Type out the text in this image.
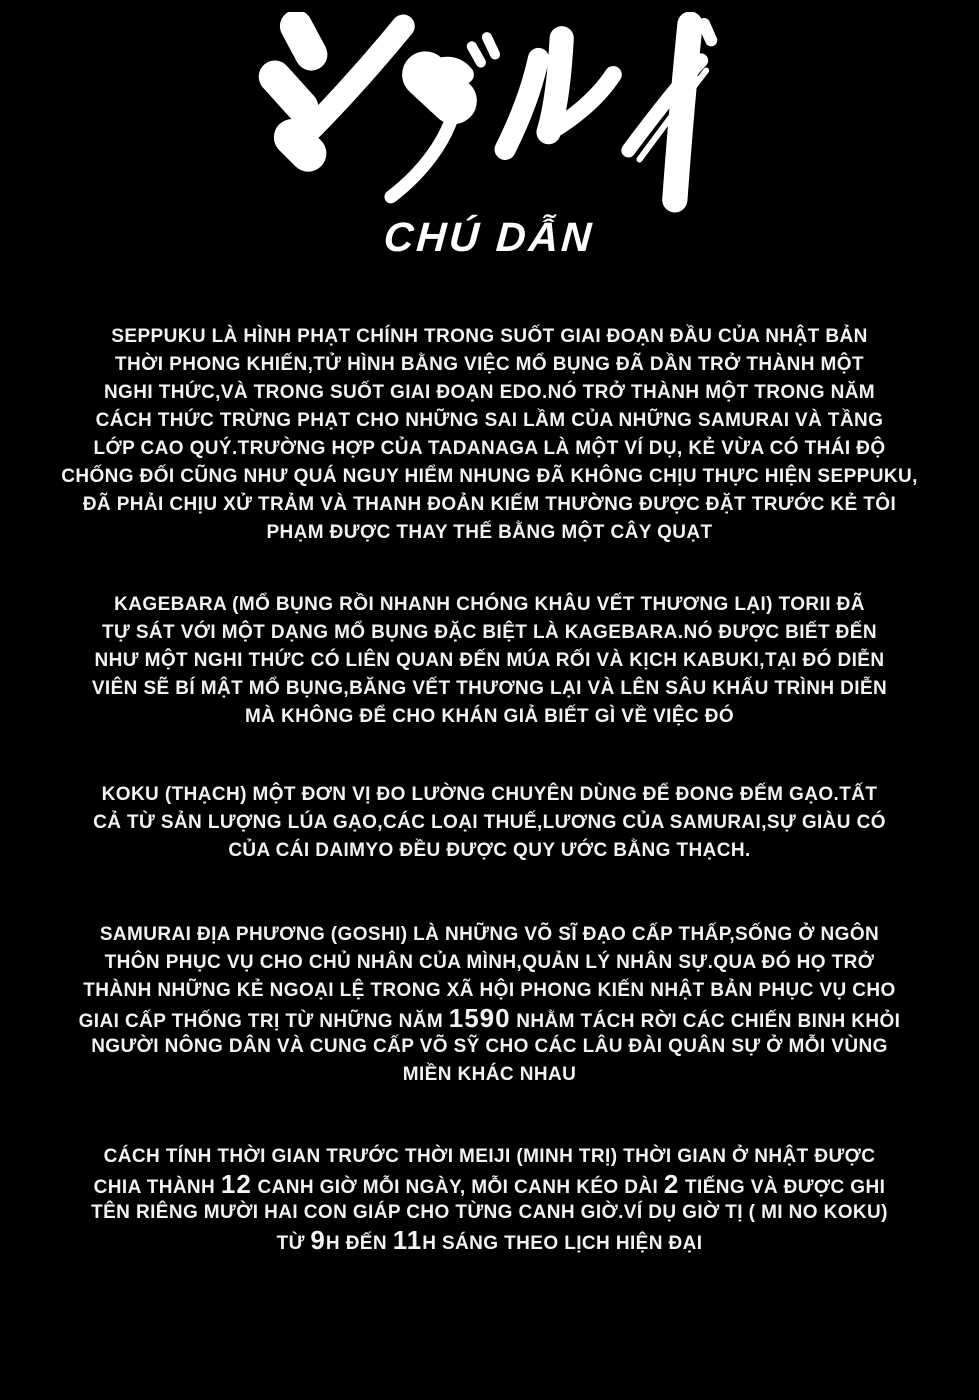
CHÚ DẪN
SEPPUKU LÀ HÌNH PHẠT CHÍNH TRONG SUỐT GIAI ĐOẠN ĐẦU CỦA NHẬT BẢN
THỜI PHONG KHIẾN,TỬ HÌNH BẰNG VIỆC MỔ BỤNG ĐÃ DẦN TRỞ THÀNH MỘT
NGHI THỨC,VÀ TRONG SUỐT GIAI ĐOẠN EDO.NÓ TRỞ THÀNH MỘT TRONG NĂM
CÁCH THỨC TRỪNG PHẠT CHO NHỮNG SAI LẦM CỦA NHỮNG SAMURAI VÀ TẦNG
LỚP CAO QUÝ.TRƯỜNG HỢP CỦA TADANAGA LÀ MỘT VÍ DỤ, KẺ VỪA CÓ THÁI ĐỘ
CHỐNG ĐỐI CŨNG NHƯ QUÁ NGUY HIỂM NHUNG ĐÃ KHÔNG CHỊU THỰC HIỆN SEPPUKU,
ĐÃ PHẢI CHỊU XỬ TRẢM VÀ THANH ĐOẢN KIẾM THƯỜNG ĐƯỢC ĐẶT TRƯỚC KẺ TÔI
PHẠM ĐƯỢC THAY THẾ BẰNG MỘT CÂY QUẠT
KAGEBARA (MỔ BỤNG RỒI NHANH CHÓNG KHÂU VẾT THƯƠNG LẠI) TORII ĐÃ
TỰ SÁT VỚI MỘT DẠNG MỔ BỤNG ĐẶC BIỆT LÀ KAGEBARA.NÓ ĐƯỢC BIẾT ĐẾN
NHƯ MỘT NGHI THỨC CÓ LIÊN QUAN ĐẾN MÚA RỐI VÀ KỊCH KABUKI,TẠI ĐÓ DIỄN
VIÊN SẼ BÍ MẬT MỔ BỤNG,BĂNG VẾT THƯƠNG LẠI VÀ LÊN SÂU KHẤU TRÌNH DIỄN
MÀ KHÔNG ĐỂ CHO KHÁN GIẢ BIẾT GÌ VỀ VIỆC ĐÓ
KOKU (THẠCH) MỘT ĐƠN VỊ ĐO LƯỜNG CHUYÊN DÙNG ĐỂ ĐONG ĐẾM GẠO.TẤT
CẢ TỪ SẢN LƯỢNG LÚA GẠO,CÁC LOẠI THUẾ,LƯƠNG CỦA SAMURAI,SỰ GIÀU CÓ
CỦA CÁI DAIMYO ĐỀU ĐƯỢC QUY ƯỚC BẰNG THẠCH.
SAMURAI ĐỊA PHƯƠNG (GOSHI) LÀ NHỮNG VÕ SĨ ĐẠO CẤP THẤP,SỐNG Ở NGÔN
THÔN PHỤC VỤ CHO CHỦ NHÂN CỦA MÌNH,QUẢN LÝ NHÂN SỰ.QUA ĐÓ HỌ TRỞ
THÀNH NHỮNG KẺ NGOẠI LỆ TRONG XÃ HỘI PHONG KIẾN NHẬT BẢN PHỤC VỤ CHO
GIAI CẤP THỐNG TRỊ TỪ NHỮNG NĂM 1590 NHẰM TÁCH RỜI CÁC CHIẾN BINH KHỎI
NGƯỜI NÔNG DÂN VÀ CUNG CẤP VÕ SỸ CHO CÁC LÂU ĐÀI QUÂN SỰ Ở MỖI VÙNG
MIỀN KHÁC NHAU
CÁCH TÍNH THỜI GIAN TRƯỚC THỜI MEIJI (MINH TRỊ) THỜI GIAN Ở NHẬT ĐƯỢC
CHIA THÀNH 12 CANH GIỜ MỖI NGÀY, MỖI CANH KÉO DÀI 2 TIẾNG VÀ ĐƯỢC GHI
TÊN RIÊNG MƯỜI HAI CON GIÁP CHO TỪNG CANH GIỜ.VÍ DỤ GIỜ TỊ ( MI NO KOKU)
TỪ 9H ĐẾN 11H SÁNG THEO LỊCH HIỆN ĐẠI
